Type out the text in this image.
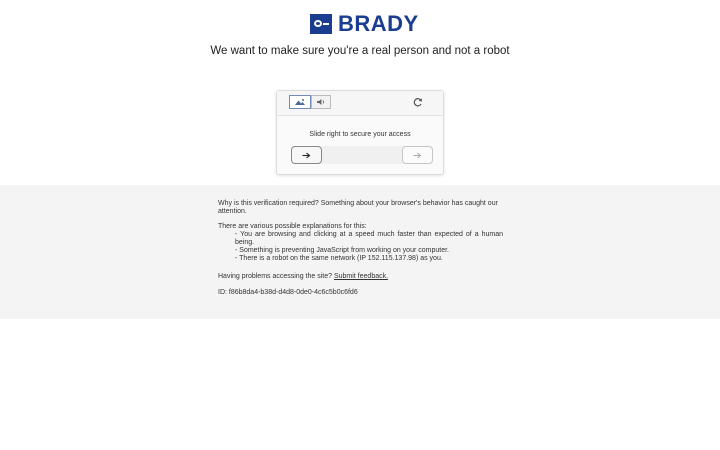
BRADY
We want to make sure you're a real person and not a robot
Slide right to secure your access

Why is this verification required? Something about your browser's behavior has caught our attention.

There are various possible explanations for this:

- You are browsing and clicking at a speed much faster than expected of a human being.
- Something is preventing JavaScript from working on your computer.
- There is a robot on the same network (IP 152.115.137.98) as you.

Having problems accessing the site? Submit feedback.

ID: f86b8da4-b38d-d4d8-0de0-4c6c5b0c6fd6
